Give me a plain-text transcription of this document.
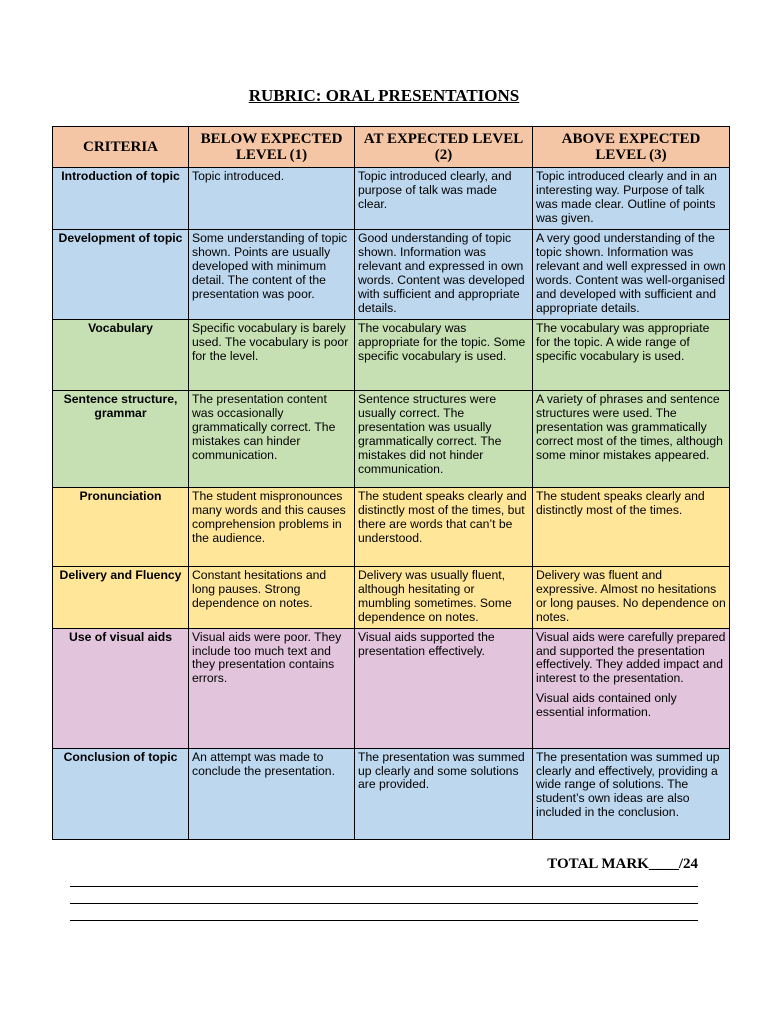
RUBRIC: ORAL PRESENTATIONS
CRITERIA	BELOW EXPECTED LEVEL (1)	AT EXPECTED LEVEL (2)	ABOVE EXPECTED LEVEL (3)
Introduction of topic	Topic introduced.	Topic introduced clearly, and purpose of talk was made clear.	Topic introduced clearly and in an interesting way. Purpose of talk was made clear. Outline of points was given.

Development of topic	Some understanding of topic shown. Points are usually developed with minimum detail. The content of the presentation was poor.	Good understanding of topic shown. Information was relevant and expressed in own words. Content was developed with sufficient and appropriate details.	A very good understanding of the topic shown. Information was relevant and well expressed in own words. Content was well-organised and developed with sufficient and appropriate details.

Vocabulary	Specific vocabulary is barely used. The vocabulary is poor for the level.	The vocabulary was appropriate for the topic. Some specific vocabulary is used.	The vocabulary was appropriate for the topic. A wide range of specific vocabulary is used.

Sentence structure, grammar	The presentation content was occasionally grammatically correct. The mistakes can hinder communication.	Sentence structures were usually correct. The presentation was usually grammatically correct. The mistakes did not hinder communication.	A variety of phrases and sentence structures were used. The presentation was grammatically correct most of the times, although some minor mistakes appeared.

Pronunciation	The student mispronounces many words and this causes comprehension problems in the audience.	The student speaks clearly and distinctly most of the times, but there are words that can’t be understood.	The student speaks clearly and distinctly most of the times.

Delivery and Fluency	Constant hesitations and long pauses. Strong dependence on notes.	Delivery was usually fluent, although hesitating or mumbling sometimes. Some dependence on notes.	Delivery was fluent and expressive. Almost no hesitations or long pauses. No dependence on notes.

Use of visual aids	Visual aids were poor. They include too much text and they presentation contains errors.	Visual aids supported the presentation effectively.	Visual aids were carefully prepared and supported the presentation effectively. They added impact and interest to the presentation.
Visual aids contained only essential information.

Conclusion of topic	An attempt was made to conclude the presentation.	The presentation was summed up clearly and some solutions are provided.	The presentation was summed up clearly and effectively, providing a wide range of solutions. The student’s own ideas are also included in the conclusion.
TOTAL MARK____/24
